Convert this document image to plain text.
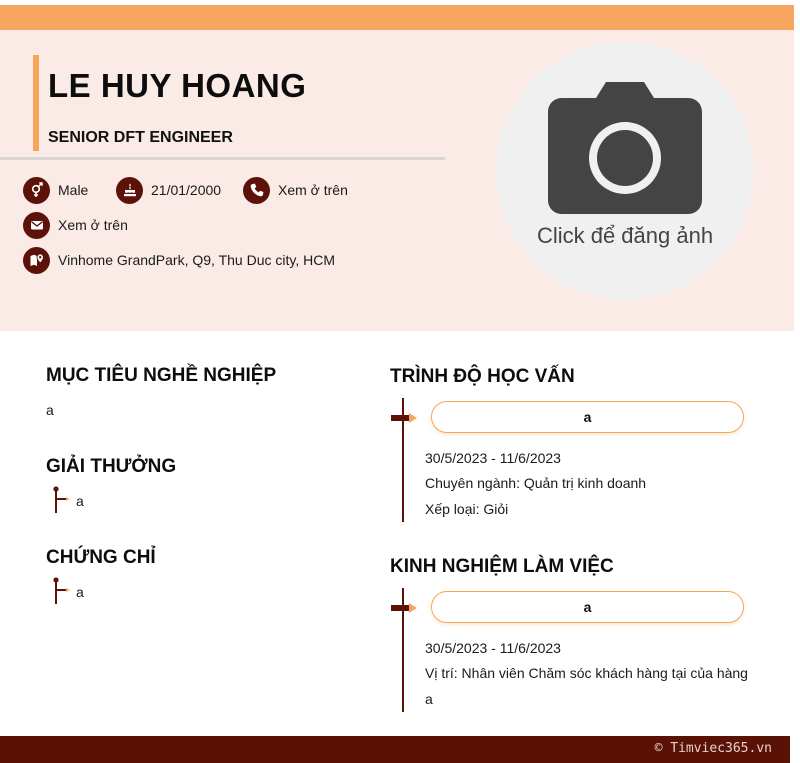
LE HUY HOANG
SENIOR DFT ENGINEER
Male	21/01/2000	Xem ở trên
Xem ở trên
Vinhome GrandPark, Q9, Thu Duc city, HCM
Click để đăng ảnh
MỤC TIÊU NGHỀ NGHIỆP
a
GIẢI THƯỞNG
a
CHỨNG CHỈ
a
TRÌNH ĐỘ HỌC VẤN
a
30/5/2023 - 11/6/2023
Chuyên ngành: Quản trị kinh doanh
Xếp loại: Giỏi
KINH NGHIỆM LÀM VIỆC
a
30/5/2023 - 11/6/2023
Vị trí: Nhân viên Chăm sóc khách hàng tại của hàng
a
© Timviec365.vn
